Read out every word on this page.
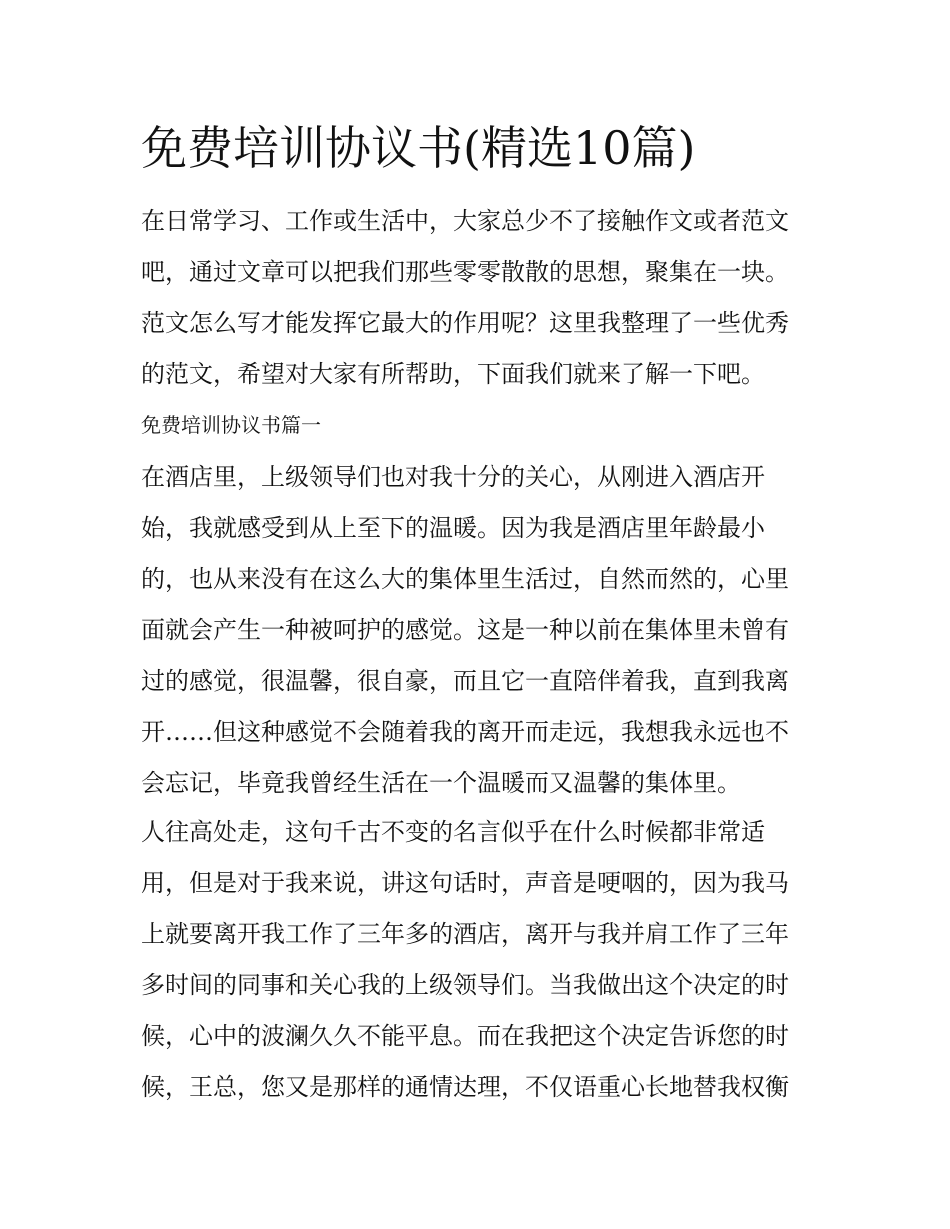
免费培训协议书(精选10篇)

在日常学习、工作或生活中，大家总少不了接触作文或者范文

吧，通过文章可以把我们那些零零散散的思想，聚集在一块。

范文怎么写才能发挥它最大的作用呢？这里我整理了一些优秀

的范文，希望对大家有所帮助，下面我们就来了解一下吧。

免费培训协议书篇一

在酒店里，上级领导们也对我十分的关心，从刚进入酒店开

始，我就感受到从上至下的温暖。因为我是酒店里年龄最小

的，也从来没有在这么大的集体里生活过，自然而然的，心里

面就会产生一种被呵护的感觉。这是一种以前在集体里未曾有

过的感觉，很温馨，很自豪，而且它一直陪伴着我，直到我离

开……但这种感觉不会随着我的离开而走远，我想我永远也不

会忘记，毕竟我曾经生活在一个温暖而又温馨的集体里。

人往高处走，这句千古不变的名言似乎在什么时候都非常适

用，但是对于我来说，讲这句话时，声音是哽咽的，因为我马

上就要离开我工作了三年多的酒店，离开与我并肩工作了三年

多时间的同事和关心我的上级领导们。当我做出这个决定的时

候，心中的波澜久久不能平息。而在我把这个决定告诉您的时

候，王总，您又是那样的通情达理，不仅语重心长地替我权衡
